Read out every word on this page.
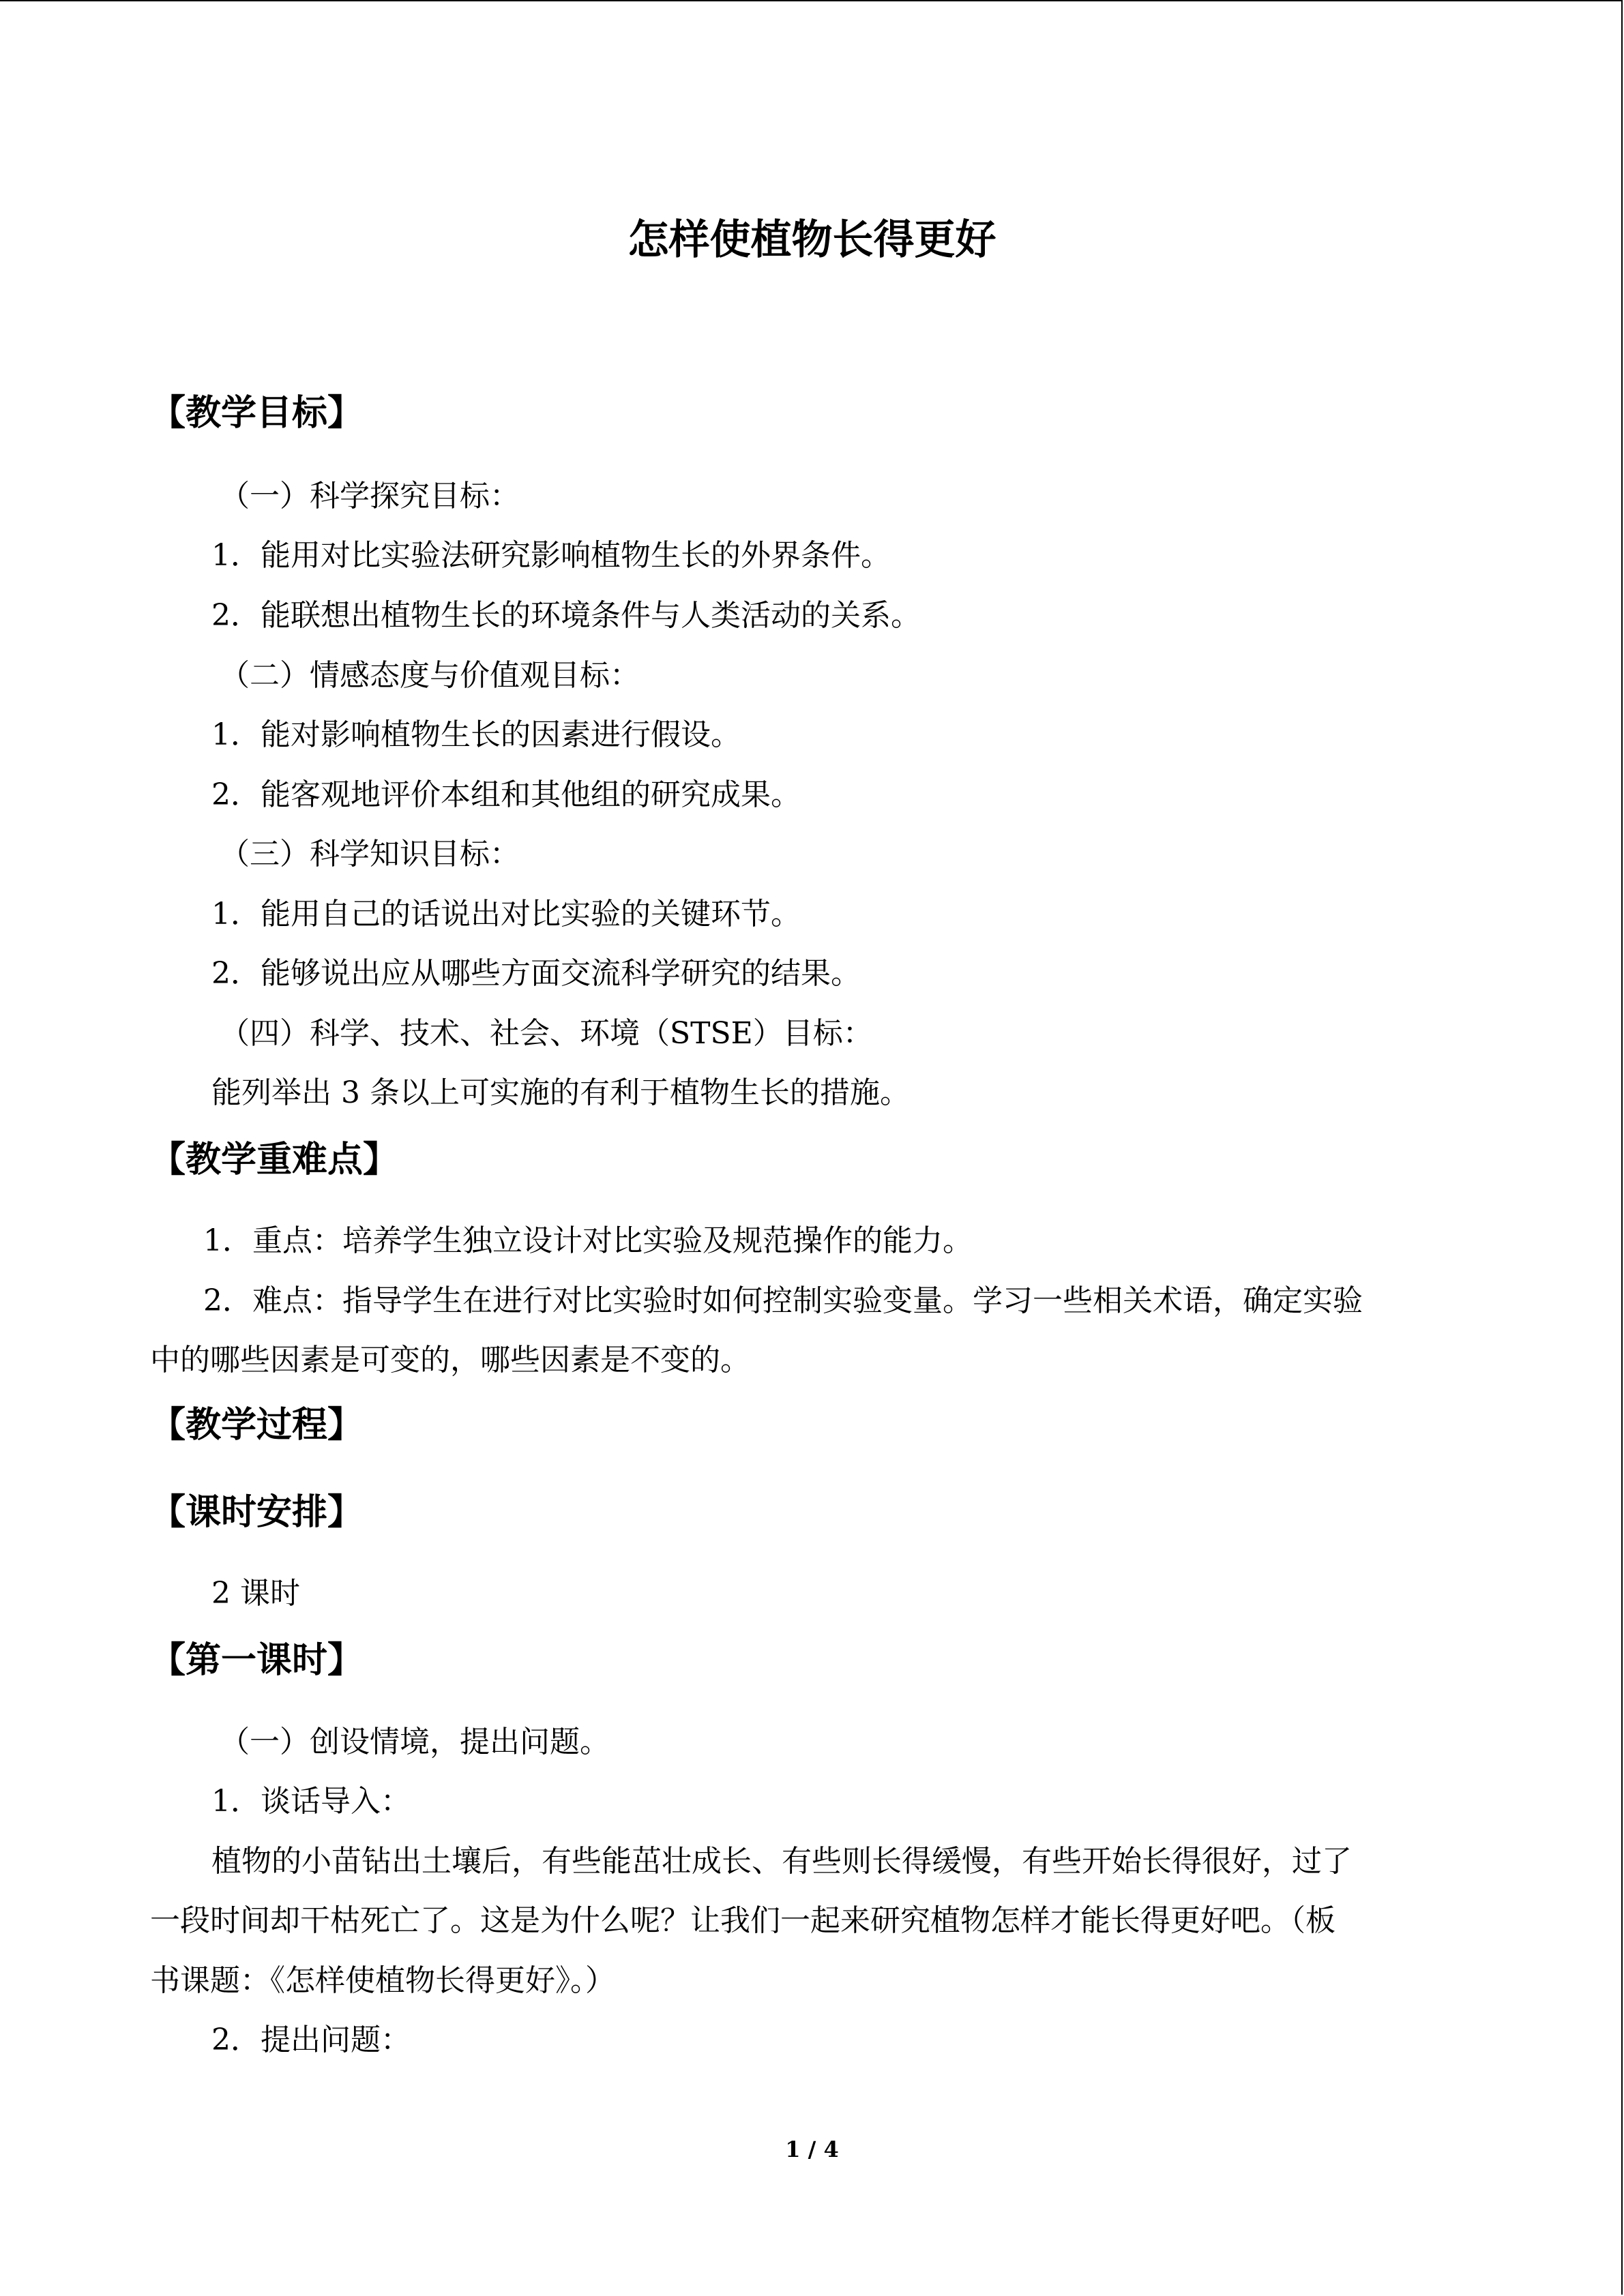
怎样使植物长得更好
【教学目标】

（一）科学探究目标：

1．能用对比实验法研究影响植物生长的外界条件。

2．能联想出植物生长的环境条件与人类活动的关系。

（二）情感态度与价值观目标：

1．能对影响植物生长的因素进行假设。

2．能客观地评价本组和其他组的研究成果。

（三）科学知识目标：

1．能用自己的话说出对比实验的关键环节。

2．能够说出应从哪些方面交流科学研究的结果。

（四）科学、技术、社会、环境（STSE）目标：

能列举出 3 条以上可实施的有利于植物生长的措施。

【教学重难点】

1．重点：培养学生独立设计对比实验及规范操作的能力。

2．难点：指导学生在进行对比实验时如何控制实验变量。学习一些相关术语，确定实验

中的哪些因素是可变的，哪些因素是不变的。

【教学过程】
【课时安排】

2 课时

【第一课时】

（一）创设情境，提出问题。

1．谈话导入：

植物的小苗钻出土壤后，有些能茁壮成长、有些则长得缓慢，有些开始长得很好，过了

一段时间却干枯死亡了。这是为什么呢？让我们一起来研究植物怎样才能长得更好吧。（板

书课题：《怎样使植物长得更好》。）

2．提出问题：

1 / 4
